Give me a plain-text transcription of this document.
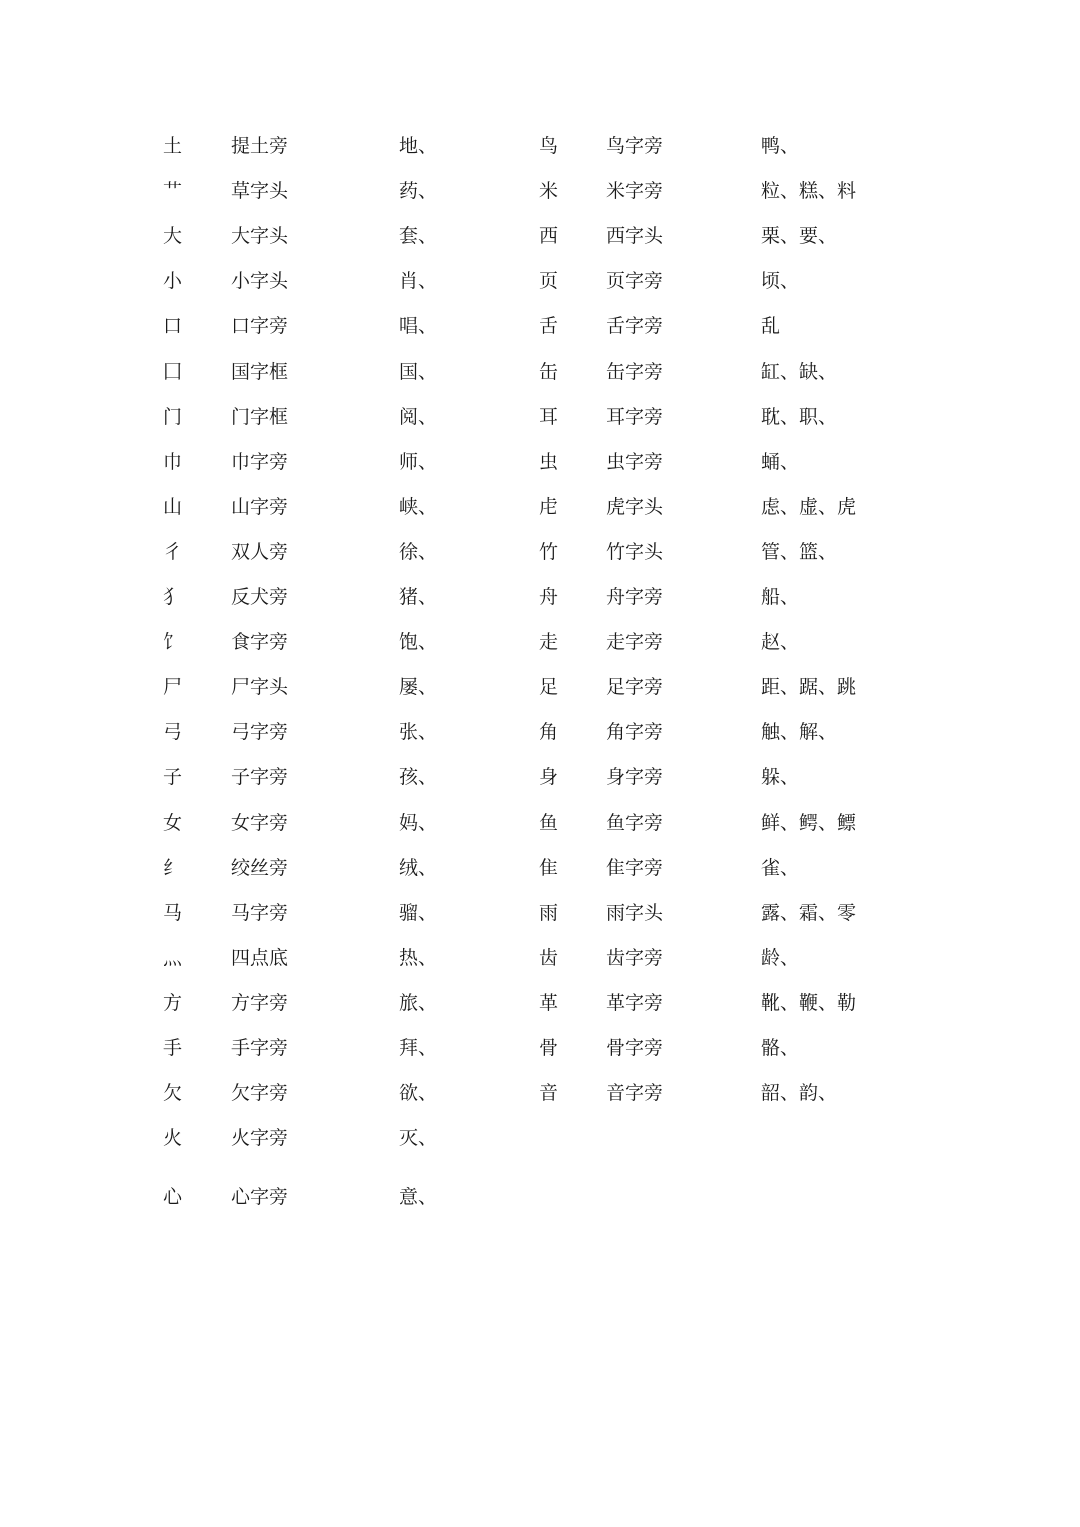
土	提土旁	地、	鸟	鸟字旁	鸭、
艹	草字头	药、	米	米字旁	粒、糕、料
大	大字头	套、	西	西字头	栗、要、
小	小字头	肖、	页	页字旁	顷、
口	口字旁	唱、	舌	舌字旁	乱
囗	国字框	国、	缶	缶字旁	缸、缺、
门	门字框	阅、	耳	耳字旁	耽、职、
巾	巾字旁	师、	虫	虫字旁	蛹、
山	山字旁	峡、	虍	虎字头	虑、虚、虎
彳	双人旁	徐、	竹	竹字头	管、篮、
犭	反犬旁	猪、	舟	舟字旁	船、
饣	食字旁	饱、	走	走字旁	赵、
尸	尸字头	屡、	足	足字旁	距、踞、跳
弓	弓字旁	张、	角	角字旁	触、解、
子	子字旁	孩、	身	身字旁	躲、
女	女字旁	妈、	鱼	鱼字旁	鲜、鳄、鳔
纟	绞丝旁	绒、	隹	隹字旁	雀、
马	马字旁	骝、	雨	雨字头	露、霜、零
灬	四点底	热、	齿	齿字旁	龄、
方	方字旁	旅、	革	革字旁	靴、鞭、勒
手	手字旁	拜、	骨	骨字旁	骼、
欠	欠字旁	欲、	音	音字旁	韶、韵、
火	火字旁	灭、
心	心字旁	意、
